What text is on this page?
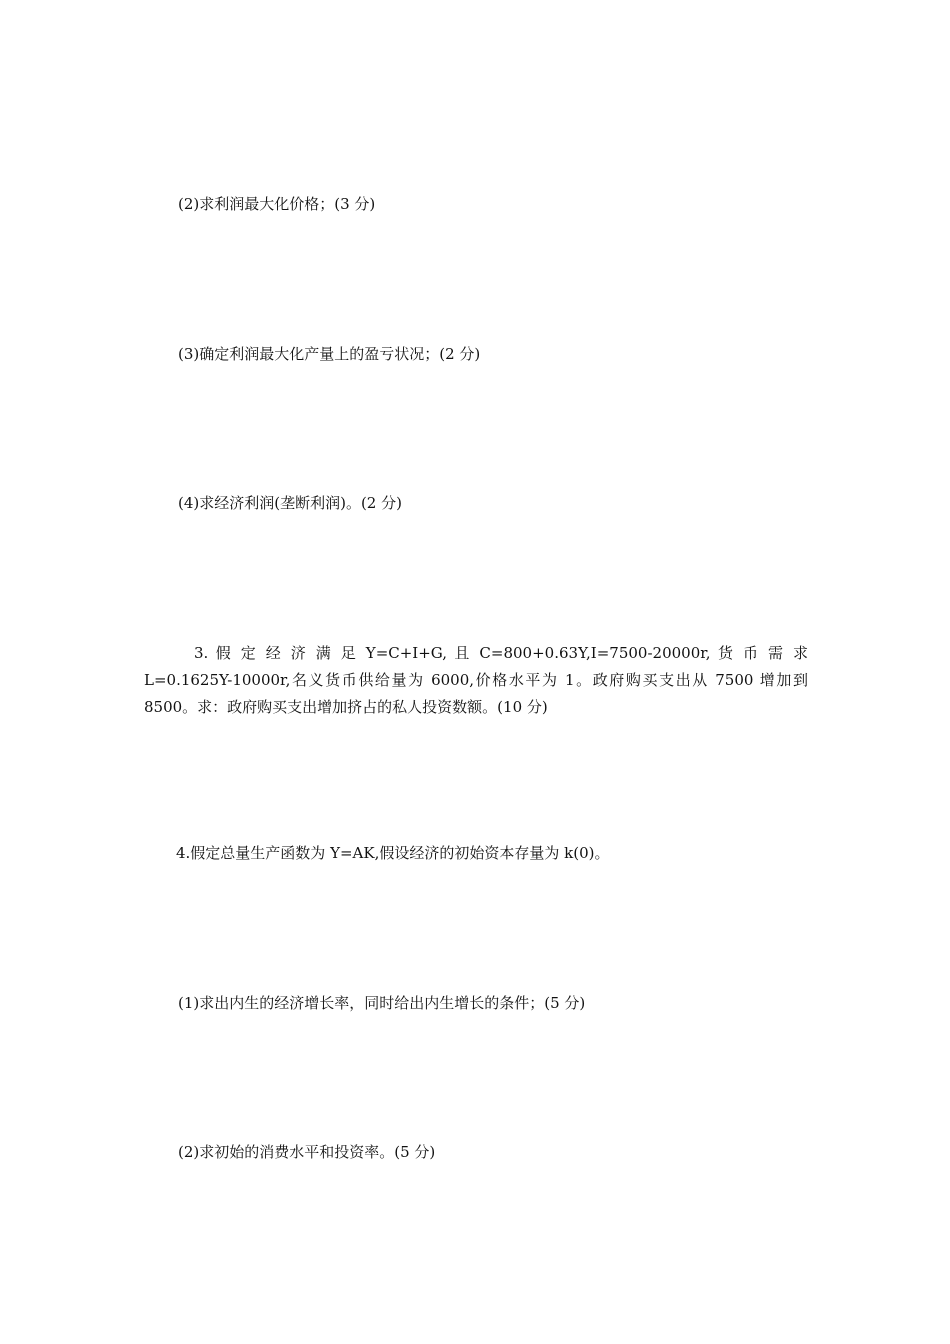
(2)求利润最大化价格；(3 分)
(3)确定利润最大化产量上的盈亏状况；(2 分)
(4)求经济利润(垄断利润)。(2 分)
3. 假 定 经 济 满 足 Y=C+I+G, 且 C=800+0.63Y,I=7500-20000r, 货 币 需 求
L=0.1625Y-10000r,名义货币供给量为 6000,价格水平为 1。政府购买支出从 7500 增加到
8500。求：政府购买支出增加挤占的私人投资数额。(10 分)
4.假定总量生产函数为 Y=AK,假设经济的初始资本存量为 k(0)。
(1)求出内生的经济增长率，同时给出内生增长的条件；(5 分)
(2)求初始的消费水平和投资率。(5 分)
